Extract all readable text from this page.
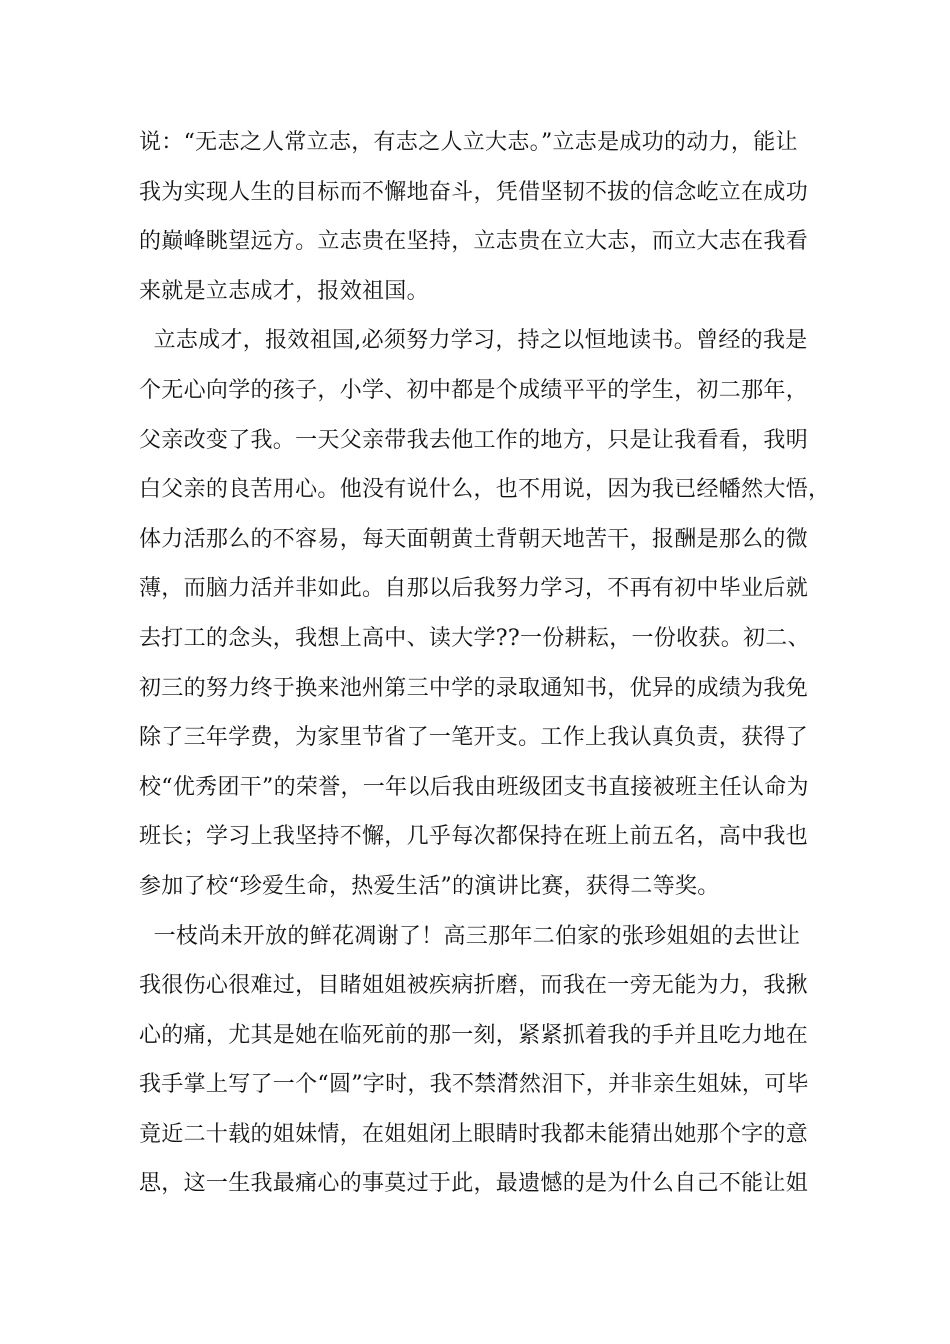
说：“无志之人常立志，有志之人立大志。”立志是成功的动力，能让
我为实现人生的目标而不懈地奋斗，凭借坚韧不拔的信念屹立在成功
的巅峰眺望远方。立志贵在坚持，立志贵在立大志，而立大志在我看
来就是立志成才，报效祖国。
立志成才，报效祖国,必须努力学习，持之以恒地读书。曾经的我是
个无心向学的孩子，小学、初中都是个成绩平平的学生，初二那年，
父亲改变了我。一天父亲带我去他工作的地方，只是让我看看，我明
白父亲的良苦用心。他没有说什么，也不用说，因为我已经幡然大悟，
体力活那么的不容易，每天面朝黄土背朝天地苦干，报酬是那么的微
薄，而脑力活并非如此。自那以后我努力学习，不再有初中毕业后就
去打工的念头，我想上高中、读大学??一份耕耘，一份收获。初二、
初三的努力终于换来池州第三中学的录取通知书，优异的成绩为我免
除了三年学费，为家里节省了一笔开支。工作上我认真负责，获得了
校“优秀团干”的荣誉，一年以后我由班级团支书直接被班主任认命为
班长；学习上我坚持不懈，几乎每次都保持在班上前五名，高中我也
参加了校“珍爱生命，热爱生活”的演讲比赛，获得二等奖。
一枝尚未开放的鲜花凋谢了！高三那年二伯家的张珍姐姐的去世让
我很伤心很难过，目睹姐姐被疾病折磨，而我在一旁无能为力，我揪
心的痛，尤其是她在临死前的那一刻，紧紧抓着我的手并且吃力地在
我手掌上写了一个“圆”字时，我不禁潸然泪下，并非亲生姐妹，可毕
竟近二十载的姐妹情，在姐姐闭上眼睛时我都未能猜出她那个字的意
思，这一生我最痛心的事莫过于此，最遗憾的是为什么自己不能让姐
